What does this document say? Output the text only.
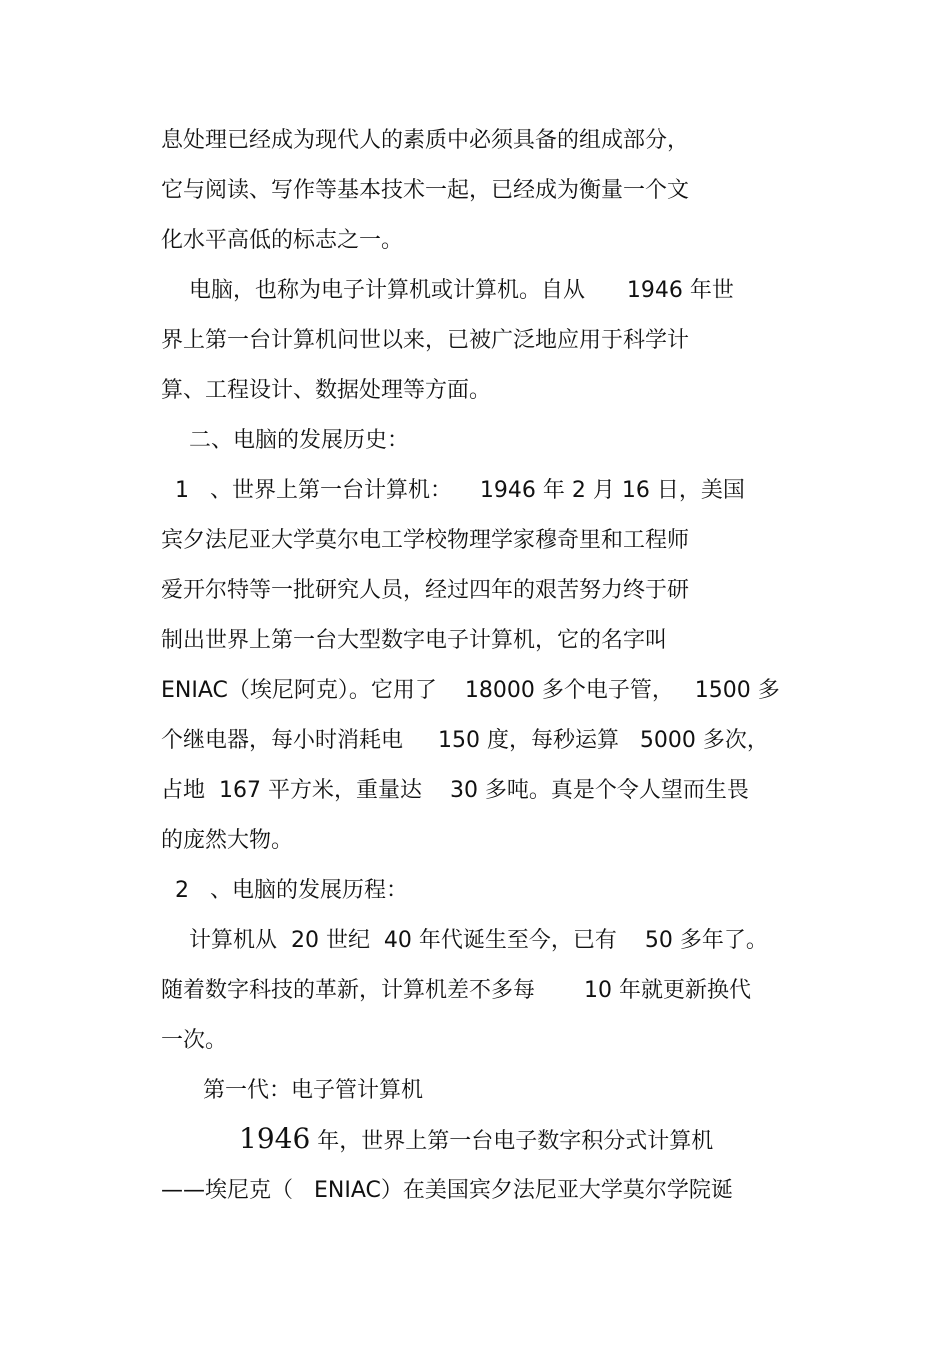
息处理已经成为现代人的素质中必须具备的组成部分，
它与阅读、写作等基本技术一起，已经成为衡量一个文
化水平高低的标志之一。
电脑，也称为电子计算机或计算机。自从      1946 年世
界上第一台计算机问世以来，已被广泛地应用于科学计
算、工程设计、数据处理等方面。
二、电脑的发展历史：
1   、世界上第一台计算机：    1946 年 2 月 16 日，美国
宾夕法尼亚大学莫尔电工学校物理学家穆奇里和工程师
爱开尔特等一批研究人员，经过四年的艰苦努力终于研
制出世界上第一台大型数字电子计算机，它的名字叫
ENIAC（埃尼阿克）。它用了    18000 多个电子管，   1500 多
个继电器，每小时消耗电     150 度，每秒运算   5000 多次，
占地  167 平方米，重量达    30 多吨。真是个令人望而生畏
的庞然大物。
2   、电脑的发展历程：
计算机从  20 世纪  40 年代诞生至今，已有    50 多年了。
随着数字科技的革新，计算机差不多每       10 年就更新换代
一次。
第一代：电子管计算机
1946 年，世界上第一台电子数字积分式计算机
——埃尼克（   ENIAC）在美国宾夕法尼亚大学莫尔学院诞
